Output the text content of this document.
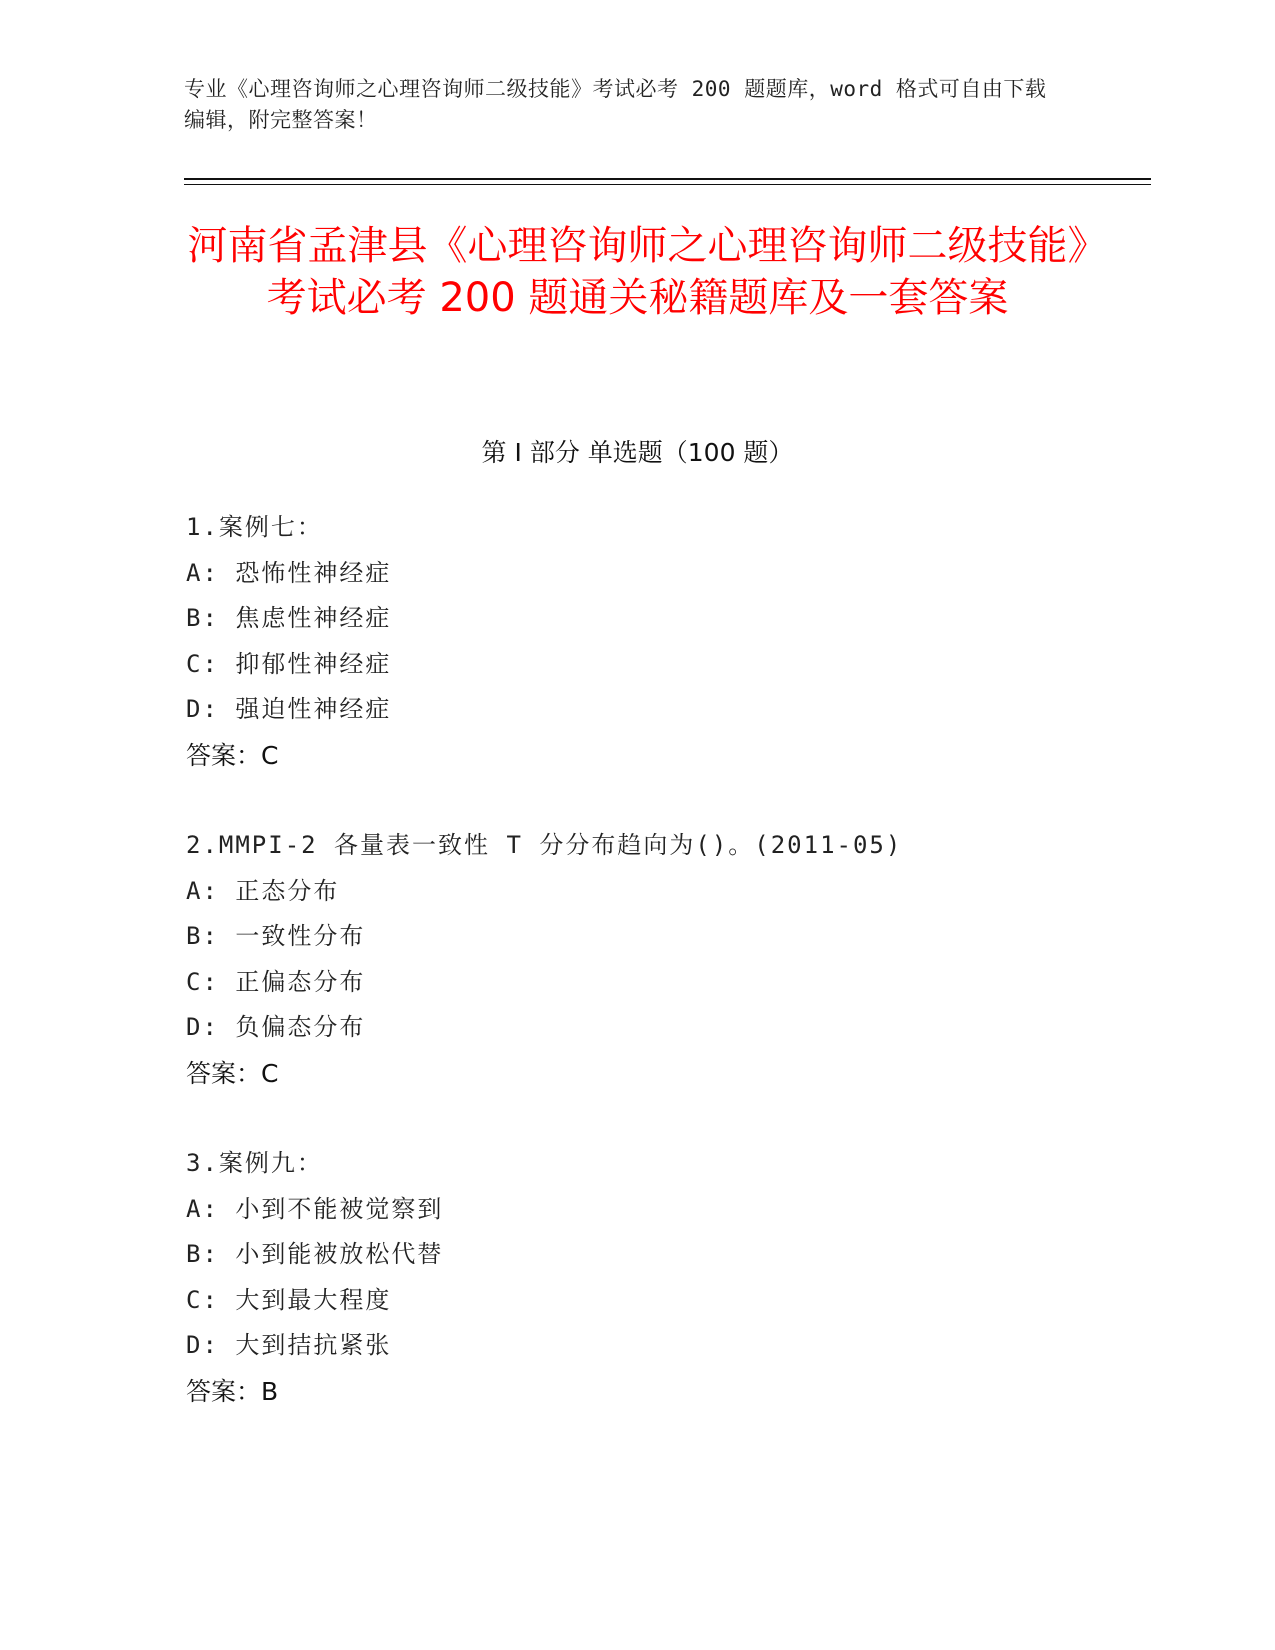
专业《心理咨询师之心理咨询师二级技能》考试必考 200 题题库，word 格式可自由下载编辑，附完整答案！
河南省孟津县《心理咨询师之心理咨询师二级技能》考试必考 200 题通关秘籍题库及一套答案
第 I 部分 单选题（100 题）
1.案例七：
A: 恐怖性神经症
B: 焦虑性神经症
C: 抑郁性神经症
D: 强迫性神经症
答案：C
2.MMPI-2 各量表一致性 T 分分布趋向为()。(2011-05)
A: 正态分布
B: 一致性分布
C: 正偏态分布
D: 负偏态分布
答案：C
3.案例九：
A: 小到不能被觉察到
B: 小到能被放松代替
C: 大到最大程度
D: 大到拮抗紧张
答案：B
